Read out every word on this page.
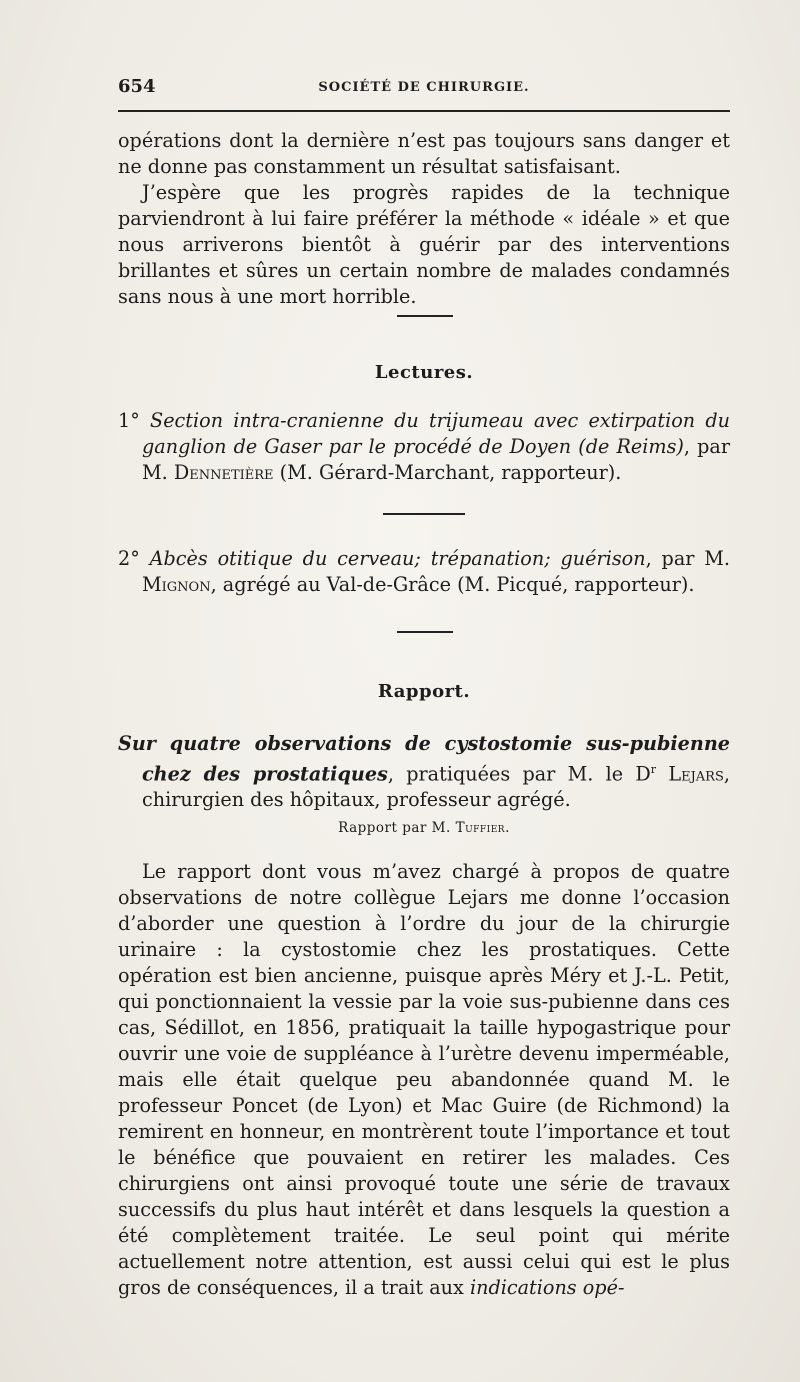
654	SOCIÉTÉ DE CHIRURGIE.

opérations dont la dernière n’est pas toujours sans danger et ne donne pas constamment un résultat satisfaisant.

J’espère que les progrès rapides de la technique parviendront à lui faire préférer la méthode « idéale » et que nous arriverons bientôt à guérir par des interventions brillantes et sûres un certain nombre de malades condamnés sans nous à une mort horrible.

Lectures.

1° Section intra-cranienne du trijumeau avec extirpation du ganglion de Gaser par le procédé de Doyen (de Reims), par M. Dennetière (M. Gérard-Marchant, rapporteur).

2° Abcès otitique du cerveau; trépanation; guérison, par M. Mignon, agrégé au Val-de-Grâce (M. Picqué, rapporteur).

Rapport.

Sur quatre observations de cystostomie sus-pubienne chez des prostatiques, pratiquées par M. le $D^r$ Lejars, chirurgien des hôpitaux, professeur agrégé.

Rapport par M. Tuffier.

Le rapport dont vous m’avez chargé à propos de quatre observations de notre collègue Lejars me donne l’occasion d’aborder une question à l’ordre du jour de la chirurgie urinaire : la cystostomie chez les prostatiques. Cette opération est bien ancienne, puisque après Méry et J.-L. Petit, qui ponctionnaient la vessie par la voie sus-pubienne dans ces cas, Sédillot, en 1856, pratiquait la taille hypogastrique pour ouvrir une voie de suppléance à l’urètre devenu imperméable, mais elle était quelque peu abandonnée quand M. le professeur Poncet (de Lyon) et Mac Guire (de Richmond) la remirent en honneur, en montrèrent toute l’importance et tout le bénéfice que pouvaient en retirer les malades. Ces chirurgiens ont ainsi provoqué toute une série de travaux successifs du plus haut intérêt et dans lesquels la question a été complètement traitée. Le seul point qui mérite actuellement notre attention, est aussi celui qui est le plus gros de conséquences, il a trait aux indications opé-
